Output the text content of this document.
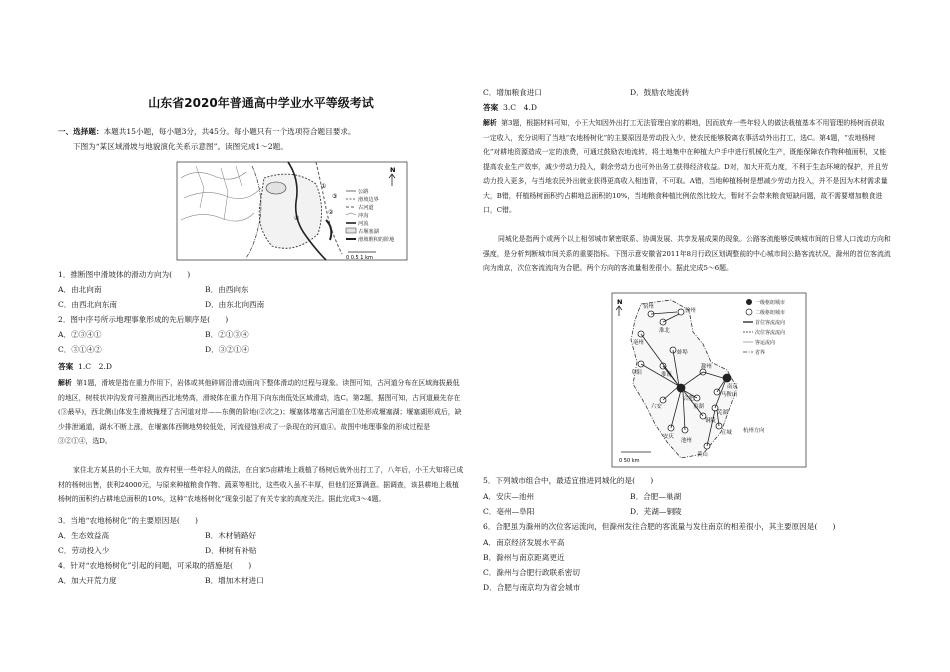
山东省2020年普通高中学业水平等级考试
一、选择题：本题共15小题，每小题3分，共45分。每小题只有一个选项符合题目要求。
下图为“某区域滑坡与地貌演化关系示意图”。读图完成1～2题。
①
②
③
④
N
公路
滑坡边界
古河道
冲沟
河流
古堰塞湖
滑坡堆积的阶地
0 0.5 1 km
1．推断图中滑坡体的滑动方向为(　　)
A．由北向南	B．由西向东
C．由西北向东南	D．由东北向西南
2．图中序号所示地理事象形成的先后顺序是(　　)
A．②③④①	B．②①③④
C．③①④②	D．③②①④
答案 1.C　2.D
解析 第1题，滑坡是指在重力作用下，岩体或其他碎屑沿滑动面向下整体滑动的过程与现象。读图可知，古河道分布在区域海拔最低的地区，树枝状冲沟发育可推测出西北地势高，滑坡体在重力作用下向东南低处区域滑动，选C。第2题，据图可知，古河道最先存在(③最早)，西北侧山体发生滑坡掩埋了古河道对岸——东侧的阶地(②次之)；堰塞体堵塞古河道在①处形成堰塞湖；堰塞湖形成后，缺少排泄通道，湖水不断上涨，在堰塞体西侧地势较低处，河流侵蚀形成了一条现在的河道④。故图中地理事象的形成过程是③②①④，选D。
家住北方某县的小王大知，放弃村里一些年轻人的做法，在自家5亩耕地上栽植了杨树后就外出打工了，八年后，小王大知将已成材的杨树出售，获利24000元，与原来种植粮食作物、蔬菜等相比，这些收入虽不丰厚，但他们还算满意。据调查，该县耕地上栽植杨树的面积约占耕地总面积的10%，这种“农地杨树化”现象引起了有关专家的高度关注。据此完成3～4题。
3．当地“农地杨树化”的主要原因是(　　)
A．生态效益高	B．木材销路好
C．劳动投入少	D．种树有补贴
4．针对“农地杨树化”引起的问题，可采取的措施是(　　)
A．加大开荒力度	B．增加木材进口
C．增加粮食进口	D．鼓励农地流转
答案 3.C　4.D
解析 第3题，根据材料可知，小王大知因外出打工无法管理自家的耕地，因而放弃一些年轻人的做法栽植基本不用管理的杨树而获取一定收入，充分说明了当地“农地杨树化”的主要原因是劳动投入少，使农民能够脱离农事活动外出打工，选C。第4题，“农地杨树化”对耕地资源造成一定的浪费，可通过鼓励农地流转，将土地集中在种植大户手中进行机械化生产，既能保障农作物种植面积，又能提高农业生产效率，减少劳动力投入，剩余劳动力也可外出务工获得经济收益。D对，加大开荒力度，不利于生态环境的保护，并且劳动力投入更多，与当地农民外出就业获得更高收入相违背，不可取。A错，当地种植杨树是想减少劳动力投入，并不是因为木材需求量大，B错，杆植杨树面积约占耕地总面积的10%，当地粮食种植比例依然比较大，暂时不会带来粮食短缺问题，故不需要增加粮食进口，C错。
同城化是指两个或两个以上相邻城市紧密联系、协调发展、共享发展成果的现象。公路客流能够反映城市间的日常人口流动方向和强度，是分析判断城市间关系的重要指标。下图示意安徽省2011年8月行政区划调整前的中心城市间公路客流状况，滁州的首位客流流向为南京，次位客流流向为合肥。两个方向的客流量相差很小。据此完成5～6题。
宿州
淮北
徐州
亳州
蚌埠
阜阳	淮南
滁州
南京
合肥
马鞍山
巢湖
芜湖
六安
铜陵
安庆
宣城
池州
黄山
杭州方向
N	一级枢纽城市
二级枢纽城市
首位客流流向
次位客流流向
客运流向
省界
0 50 km
5．下列城市组合中，最适宜推进同城化的是(　　)
A．安庆—池州	B．合肥—巢湖
C．亳州—阜阳	D．芜湖—铜陵
6．合肥虽为滁州的次位客运流向，但滁州发往合肥的客流量与发往南京的相差很小，其主要原因是(　　)
A．南京经济发展水平高
B．滁州与南京距离更近
C．滁州与合肥行政联系密切
D．合肥与南京均为省会城市
